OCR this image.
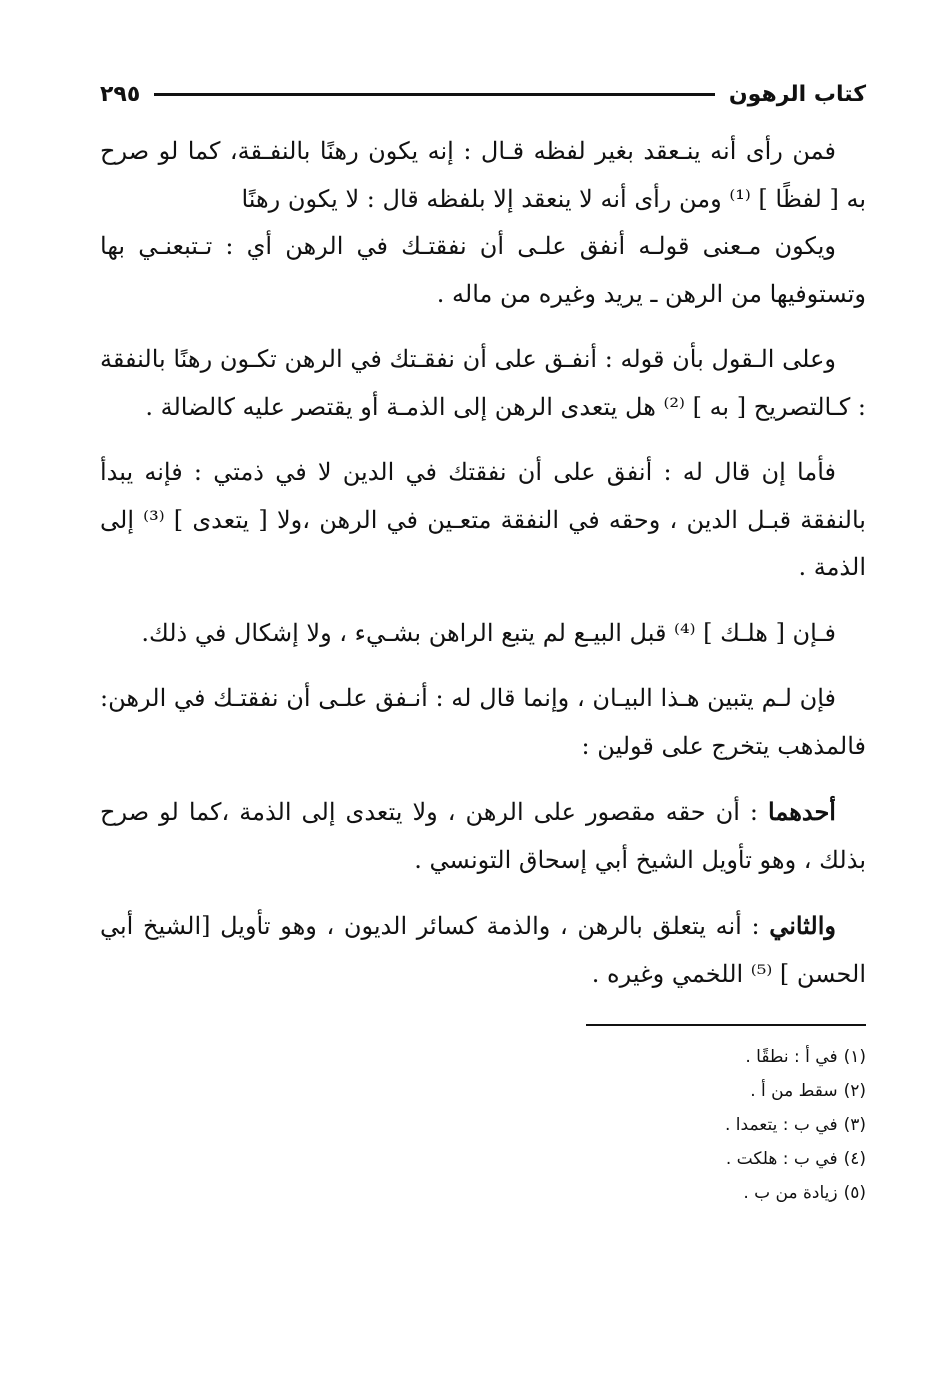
كتاب الرهون
٢٩٥

فمن رأى أنه ينـعقد بغير لفظه قـال : إنه يكون رهنًا بالنفـقة، كما لو صرح به [ لفظًا ] ⁽¹⁾ ومن رأى أنه لا ينعقد إلا بلفظه قال : لا يكون رهنًا

ويكون مـعنى قولـه أنفق علـى أن نفقتـك في الرهن أي : تـتبعنـي بها وتستوفيها من الرهن ـ يريد وغيره من ماله .

وعلى الـقول بأن قوله : أنفـق على أن نفقـتك في الرهن تكـون رهنًا بالنفقة : كـالتصريح [ به ] ⁽²⁾ هل يتعدى الرهن إلى الذمـة أو يقتصر عليه كالضالة .

فأما إن قال له : أنفق على أن نفقتك في الدين لا في ذمتي : فإنه يبدأ بالنفقة قبـل الدين ، وحقه في النفقة متعـين في الرهن ،ولا [ يتعدى ] ⁽³⁾ إلى الذمة .

فـإن [ هلـك ] ⁽⁴⁾ قبل البيـع لم يتبع الراهن بشـيء ، ولا إشكال في ذلك.

فإن لـم يتبين هـذا البيـان ، وإنما قال له : أنـفق علـى أن نفقتـك في الرهن: فالمذهب يتخرج على قولين :

أحدهما : أن حقه مقصور على الرهن ، ولا يتعدى إلى الذمة ،كما لو صرح بذلك ، وهو تأويل الشيخ أبي إسحاق التونسي .

والثاني : أنه يتعلق بالرهن ، والذمة كسائر الديون ، وهو تأويل [الشيخ أبي الحسن ] ⁽⁵⁾ اللخمي وغيره .

(١)في أ : نطقًا .
(٢)سقط من أ .
(٣)في ب : يتعمدا .
(٤)في ب : هلكت .
(٥)زيادة من ب .
